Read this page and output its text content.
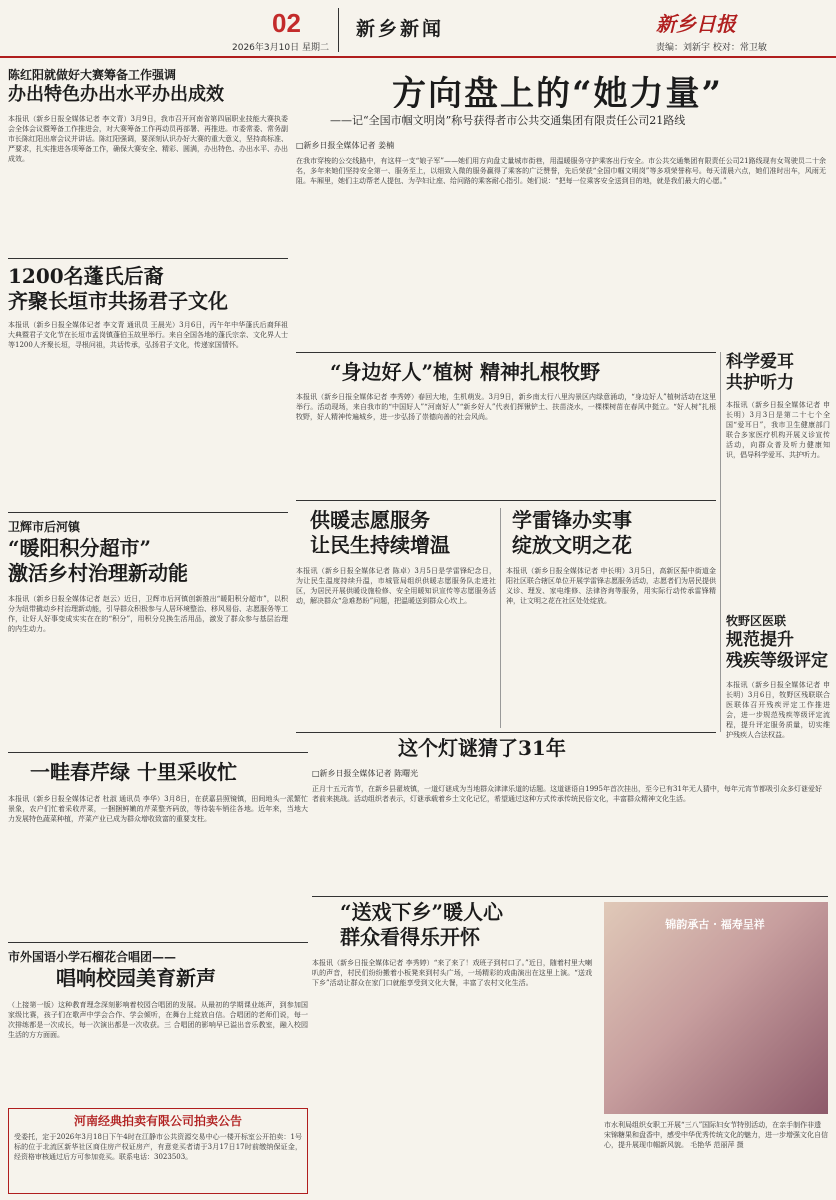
02
2026年3月10日 星期二
新乡新闻	新乡日报
责编：刘新宇 校对：常卫敏
陈红阳就做好大赛筹备工作强调
办出特色办出水平办出成效
本报讯（新乡日报全媒体记者 李文青）3月9日，我市召开河南省第四届职业技能大赛执委会全体会议暨筹备工作推进会，对大赛筹备工作再动员再部署、再推进。市委常委、常务副市长陈红阳出席会议并讲话。陈红阳强调，要深刻认识办好大赛的重大意义，坚持高标准、严要求，扎实推进各项筹备工作，确保大赛安全、精彩、圆满，办出特色、办出水平、办出成效。
1200名蓬氏后裔
齐聚长垣市共扬君子文化
本报讯（新乡日报全媒体记者 李文青 通讯员 王晨光）3月6日，丙午年中华蓬氏后裔拜祖大典暨君子文化节在长垣市孟岗镇蓬伯玉故里举行。来自全国各地的蓬氏宗亲、文化界人士等1200人齐聚长垣，寻根问祖，共话传承，弘扬君子文化，传递家国情怀。
卫辉市后河镇
“暖阳积分超市”
激活乡村治理新动能
本报讯（新乡日报全媒体记者 赵云）近日，卫辉市后河镇创新推出“暖阳积分超市”，以积分为纽带撬动乡村治理新动能，引导群众积极参与人居环境整治、移风易俗、志愿服务等工作，让好人好事变成实实在在的“积分”，用积分兑换生活用品，激发了群众参与基层治理的内生动力。
一畦春芹绿 十里采收忙
本报讯（新乡日报全媒体记者 杜淑 通讯员 李华）3月8日，在获嘉县照镜镇，田间地头一派繁忙景象，农户们忙着采收芹菜，一捆捆鲜嫩的芹菜整齐码放，等待装车销往各地。近年来，当地大力发展特色蔬菜种植，芹菜产业已成为群众增收致富的重要支柱。
市外国语小学石榴花合唱团——
唱响校园美育新声
（上接第一版）这种教育理念深刻影响着校园合唱团的发展。从最初的学期课业练声，到参加国家级比赛，孩子们在歌声中学会合作、学会倾听，在舞台上绽放自信。合唱团的老师们说，每一次排练都是一次成长，每一次演出都是一次收获。三 合唱团的影响早已溢出音乐教室，融入校园生活的方方面面。
河南经典拍卖有限公司拍卖公告
受委托，定于2026年3月18日下午4时在江静市公共资源交易中心一楼开标室公开拍卖：1号标的位于北流区新华社区商住房产权证房产，有意竞买者请于3月17日17时前缴纳保证金，经资格审核通过后方可参加竞买。联系电话：3023503。
方向盘上的“她力量”
——记“全国市帼文明岗”称号获得者市公共交通集团有限责任公司21路线
□新乡日报全媒体记者 姜楠
在我市穿梭的公交线路中，有这样一支“娘子军”——她们用方向盘丈量城市街巷，用温暖服务守护乘客出行安全。市公共交通集团有限责任公司21路线现有女驾驶员二十余名，多年来她们坚持安全第一、服务至上，以细致入微的服务赢得了乘客的广泛赞誉，先后荣获“全国巾帼文明岗”等多项荣誉称号。每天清晨六点，她们准时出车，风雨无阻。车厢里，她们主动帮老人提包、为孕妇让座、给问路的乘客耐心指引。她们说：“把每一位乘客安全送到目的地，就是我们最大的心愿。”
“身边好人”植树 精神扎根牧野
本报讯（新乡日报全媒体记者 李秀婷）春回大地，生机萌发。3月9日，新乡南太行八里沟景区内绿意涌动，“身边好人”植树活动在这里举行。活动现场，来自我市的“中国好人”“河南好人”“新乡好人”代表们挥锹铲土、扶苗浇水，一棵棵树苗在春风中挺立。“好人树”扎根牧野，好人精神传遍城乡，进一步弘扬了崇德向善的社会风尚。
供暖志愿服务
让民生持续增温
本报讯（新乡日报全媒体记者 陈卓）3月5日是学雷锋纪念日，为让民生温度持续升温，市城管局组织供暖志愿服务队走进社区，为居民开展供暖设施检修、安全用暖知识宣传等志愿服务活动，解决群众“急难愁盼”问题，把温暖送到群众心坎上。
学雷锋办实事
绽放文明之花
本报讯（新乡日报全媒体记者 申长明）3月5日，高新区振中街道金阳社区联合辖区单位开展学雷锋志愿服务活动，志愿者们为居民提供义诊、理发、家电维修、法律咨询等服务，用实际行动传承雷锋精神，让文明之花在社区处处绽放。
科学爱耳
共护听力
本报讯（新乡日报全媒体记者 申长明）3月3日是第二十七个全国“爱耳日”，我市卫生健康部门联合多家医疗机构开展义诊宣传活动，向群众普及听力健康知识，倡导科学爱耳、共护听力。
牧野区医联
规范提升
残疾等级评定
本报讯（新乡日报全媒体记者 申长明）3月6日，牧野区残联联合医联体召开残疾评定工作推进会，进一步规范残疾等级评定流程，提升评定服务质量，切实维护残疾人合法权益。
这个灯谜猜了31年
□新乡日报全媒体记者 陈曙光
正月十五元宵节，在新乡县翟坡镇，一道灯谜成为当地群众津津乐道的话题。这道谜语自1995年首次挂出，至今已有31年无人猜中，每年元宵节都吸引众多灯谜爱好者前来挑战。活动组织者表示，灯谜承载着乡土文化记忆，希望通过这种方式传承传统民俗文化，丰富群众精神文化生活。
“送戏下乡”暖人心
群众看得乐开怀
本报讯（新乡日报全媒体记者 李秀婷）“来了来了！戏班子到村口了。”近日，随着村里大喇叭的声音，村民们纷纷搬着小板凳来到村头广场，一场精彩的戏曲演出在这里上演。“送戏下乡”活动让群众在家门口就能享受到文化大餐，丰富了农村文化生活。
锦韵承古 · 福寿呈祥
市水利局组织女职工开展“三八”国际妇女节特别活动，在亲手制作非遗宋锦糖果和盘香中，感受中华优秀传统文化的魅力，进一步增强文化自信心，提升展现巾帼新风貌。 毛艳华 范丽萍 摄
